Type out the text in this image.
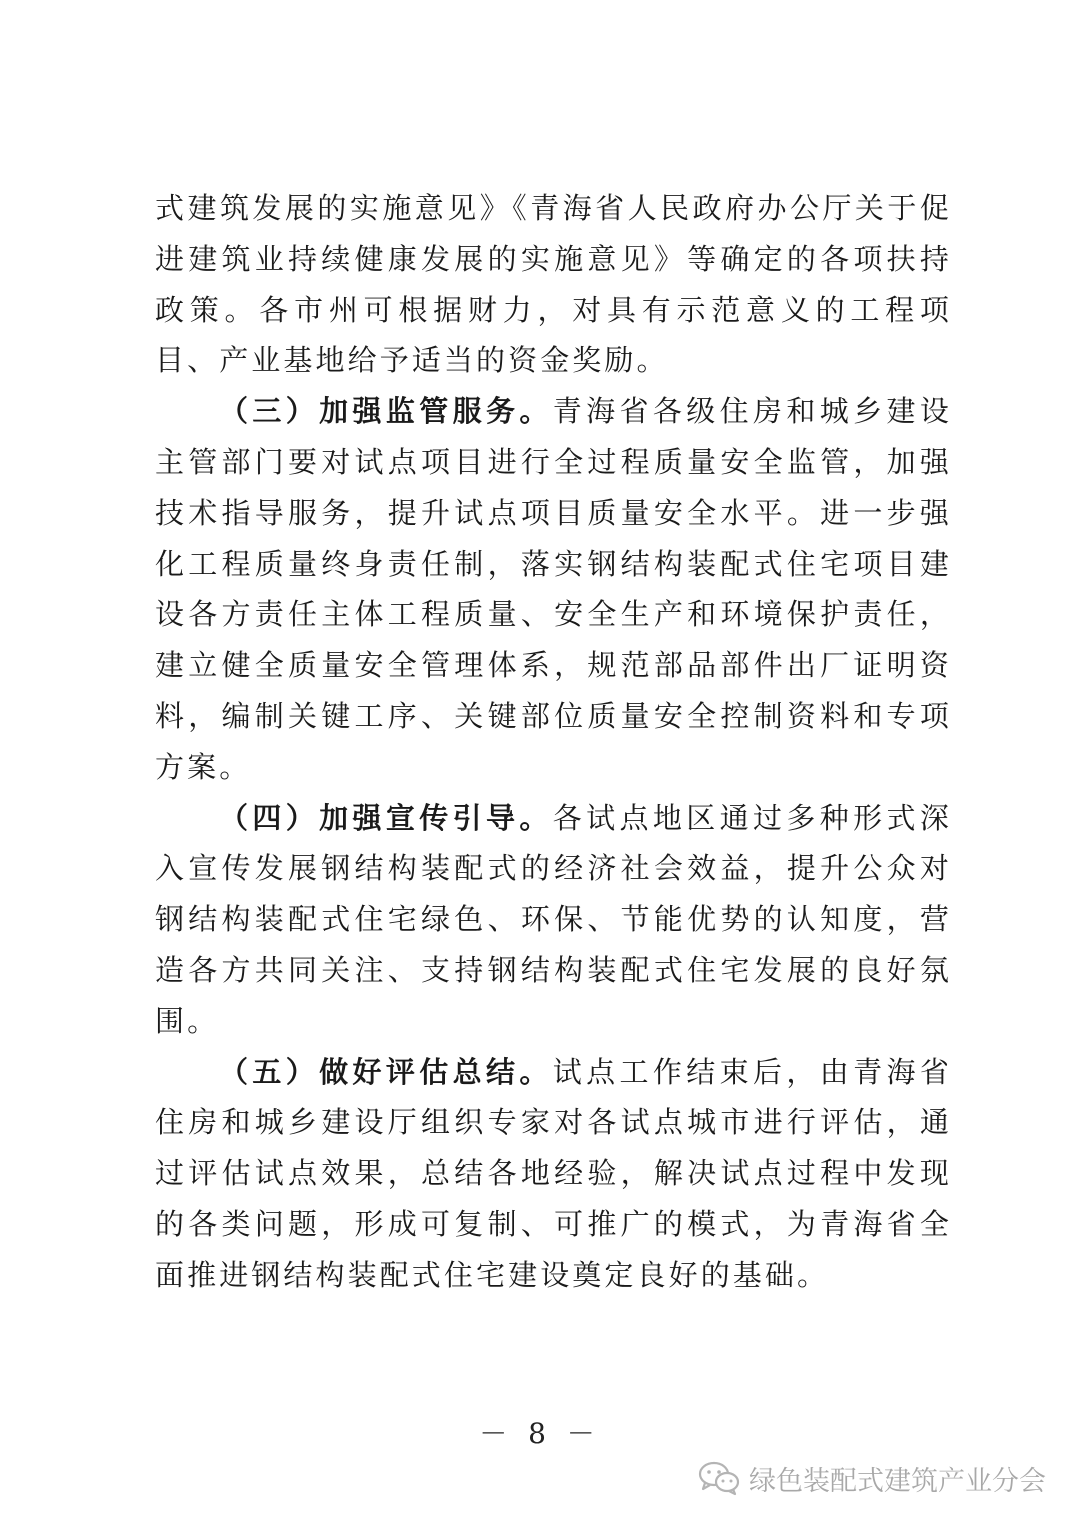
式建筑发展的实施意见》《青海省人民政府办公厅关于促进建筑业持续健康发展的实施意见》等确定的各项扶持政策。各市州可根据财力，对具有示范意义的工程项目、产业基地给予适当的资金奖励。

（三）加强监管服务。青海省各级住房和城乡建设主管部门要对试点项目进行全过程质量安全监管，加强技术指导服务，提升试点项目质量安全水平。进一步强化工程质量终身责任制，落实钢结构装配式住宅项目建设各方责任主体工程质量、安全生产和环境保护责任，建立健全质量安全管理体系，规范部品部件出厂证明资料，编制关键工序、关键部位质量安全控制资料和专项方案。

（四）加强宣传引导。各试点地区通过多种形式深入宣传发展钢结构装配式的经济社会效益，提升公众对钢结构装配式住宅绿色、环保、节能优势的认知度，营造各方共同关注、支持钢结构装配式住宅发展的良好氛围。

（五）做好评估总结。试点工作结束后，由青海省住房和城乡建设厅组织专家对各试点城市进行评估，通过评估试点效果，总结各地经验，解决试点过程中发现的各类问题，形成可复制、可推广的模式，为青海省全面推进钢结构装配式住宅建设奠定良好的基础。

－ 8 －
绿色装配式建筑产业分会
